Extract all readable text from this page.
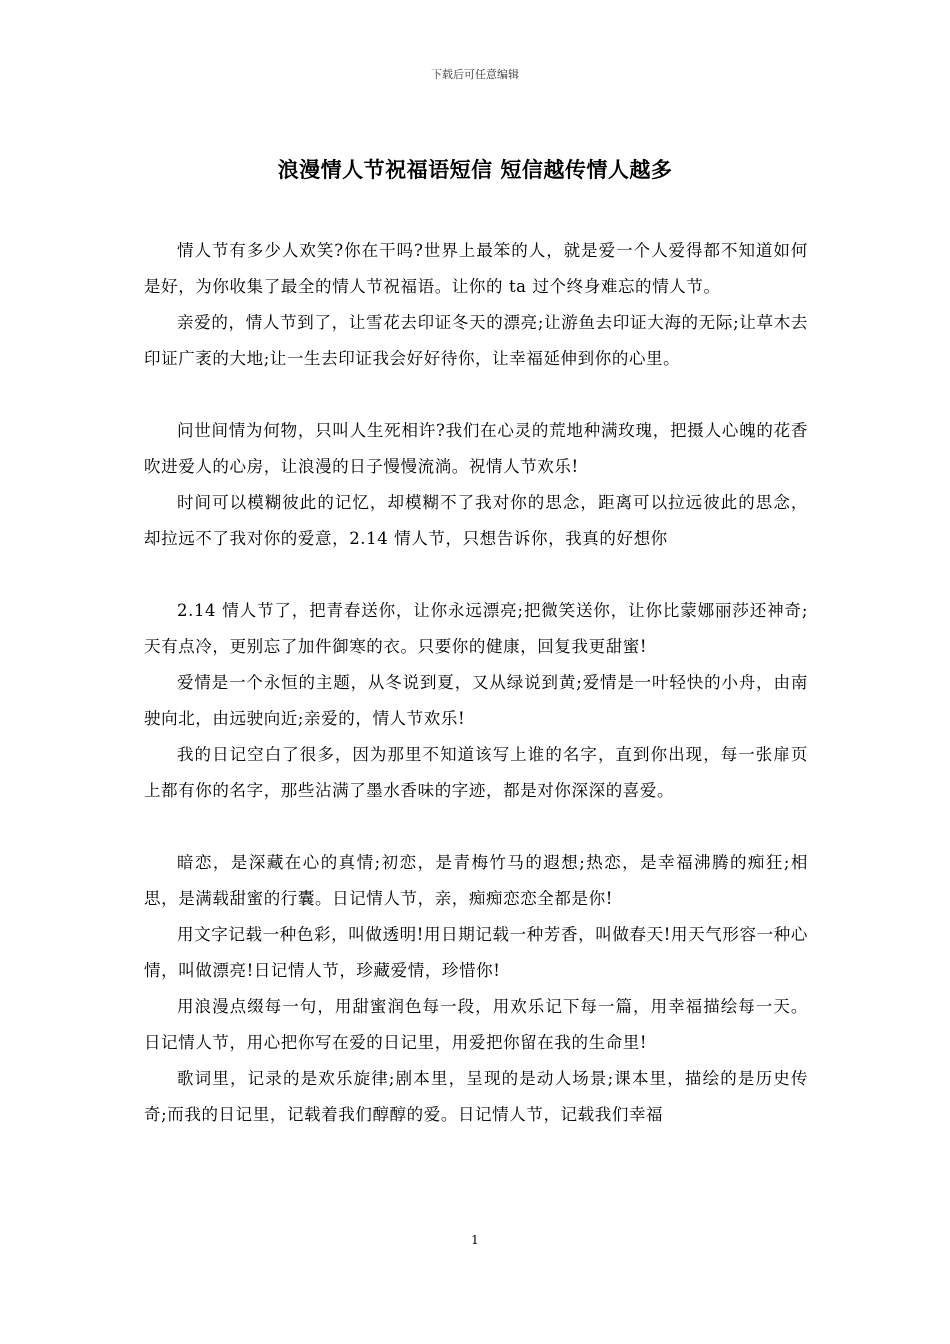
下载后可任意编辑
浪漫情人节祝福语短信 短信越传情人越多

情人节有多少人欢笑?你在干吗?世界上最笨的人，就是爱一个人爱得都不知道如何是好，为你收集了最全的情人节祝福语。让你的 ta 过个终身难忘的情人节。

亲爱的，情人节到了，让雪花去印证冬天的漂亮;让游鱼去印证大海的无际;让草木去印证广袤的大地;让一生去印证我会好好待你，让幸福延伸到你的心里。

问世间情为何物，只叫人生死相许?我们在心灵的荒地种满玫瑰，把摄人心魄的花香吹进爱人的心房，让浪漫的日子慢慢流淌。祝情人节欢乐!

时间可以模糊彼此的记忆，却模糊不了我对你的思念，距离可以拉远彼此的思念，却拉远不了我对你的爱意，2.14 情人节，只想告诉你，我真的好想你

2.14 情人节了，把青春送你，让你永远漂亮;把微笑送你，让你比蒙娜丽莎还神奇;天有点冷，更别忘了加件御寒的衣。只要你的健康，回复我更甜蜜!

爱情是一个永恒的主题，从冬说到夏，又从绿说到黄;爱情是一叶轻快的小舟，由南驶向北，由远驶向近;亲爱的，情人节欢乐!

我的日记空白了很多，因为那里不知道该写上谁的名字，直到你出现，每一张扉页上都有你的名字，那些沾满了墨水香味的字迹，都是对你深深的喜爱。

暗恋，是深藏在心的真情;初恋，是青梅竹马的遐想;热恋，是幸福沸腾的痴狂;相思，是满载甜蜜的行囊。日记情人节，亲，痴痴恋恋全都是你!

用文字记载一种色彩，叫做透明!用日期记载一种芳香，叫做春天!用天气形容一种心情，叫做漂亮!日记情人节，珍藏爱情，珍惜你!

用浪漫点缀每一句，用甜蜜润色每一段，用欢乐记下每一篇，用幸福描绘每一天。日记情人节，用心把你写在爱的日记里，用爱把你留在我的生命里!

歌词里，记录的是欢乐旋律;剧本里，呈现的是动人场景;课本里，描绘的是历史传奇;而我的日记里，记载着我们醇醇的爱。日记情人节，记载我们幸福

1
